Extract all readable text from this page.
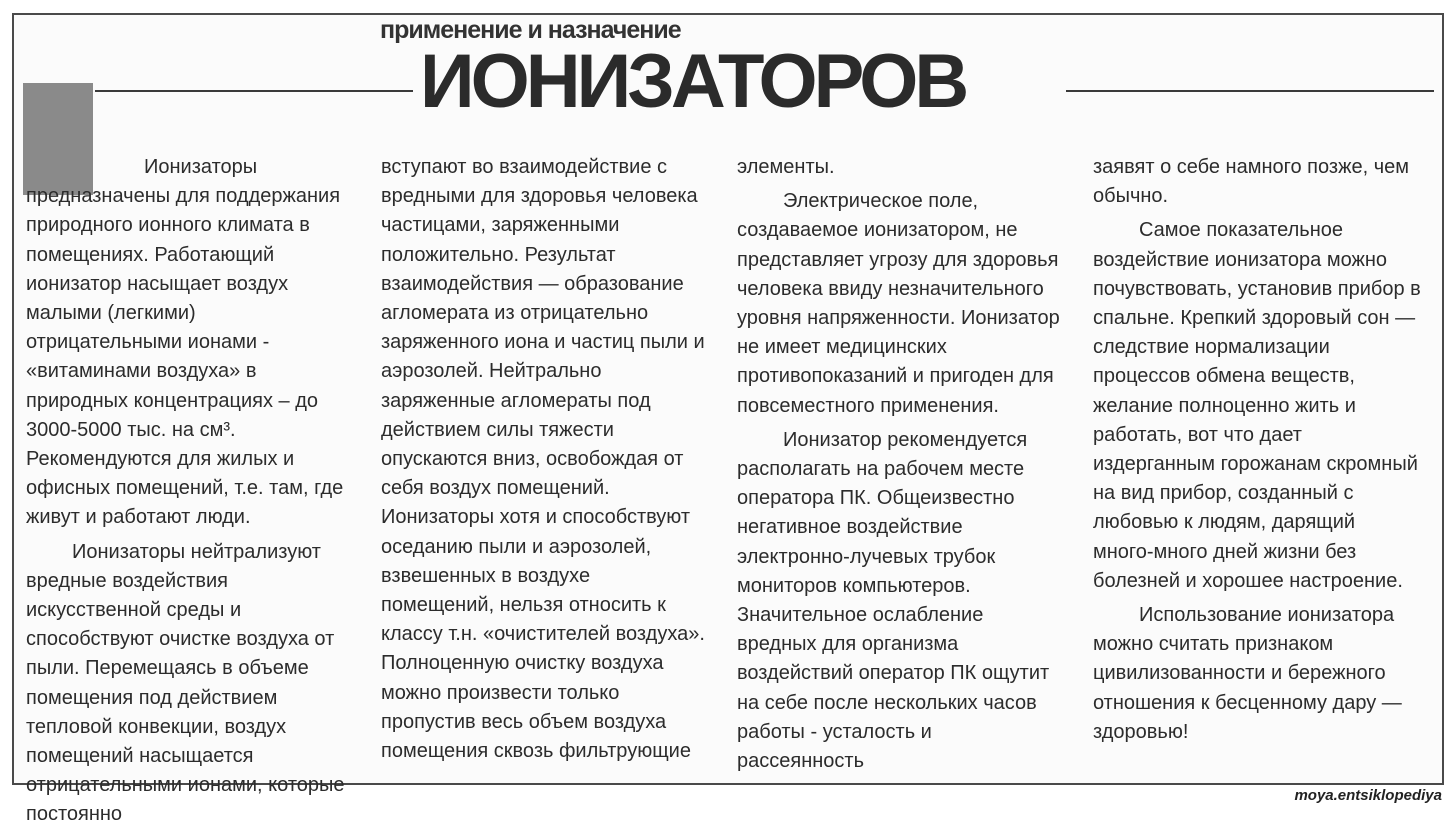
применение и назначение
ИОНИЗАТОРОВ

Ионизаторы предназначены для поддержания природного ионного климата в помещениях. Работающий ионизатор насыщает воздух малыми (легкими) отрицательными ионами - «витаминами воздуха» в природных концентрациях – до 3000-5000 тыс. на см³. Рекомендуются для жилых и офисных помещений, т.е. там, где живут и работают люди.

Ионизаторы нейтрализуют вредные воздействия искусственной среды и способствуют очистке воздуха от пыли. Перемещаясь в объеме помещения под действием тепловой конвекции, воздух помещений насыщается отрицательными ионами, которые постоянно

вступают во взаимодействие с вредными для здоровья человека частицами, заряженными положительно. Результат взаимодействия — образование агломерата из отрицательно заряженного иона и частиц пыли и аэрозолей. Нейтрально заряженные агломераты под действием силы тяжести опускаются вниз, освобождая от себя воздух помещений. Ионизаторы хотя и способствуют оседанию пыли и аэрозолей, взвешенных в воздухе помещений, нельзя относить к классу т.н. «очистителей воздуха». Полноценную очистку воздуха можно произвести только пропустив весь объем воздуха помещения сквозь фильтрующие

элементы.

Электрическое поле, создаваемое ионизатором, не представляет угрозу для здоровья человека ввиду незначительного уровня напряженности. Ионизатор не имеет медицинских противопоказаний и пригоден для повсеместного применения.

Ионизатор рекомендуется располагать на рабочем месте оператора ПК. Общеизвестно негативное воздействие электронно-лучевых трубок мониторов компьютеров. Значительное ослабление вредных для организма воздействий оператор ПК ощутит на себе после нескольких часов работы - усталость и рассеянность

заявят о себе намного позже, чем обычно.

Самое показательное воздействие ионизатора можно почувствовать, установив прибор в спальне. Крепкий здоровый сон — следствие нормализации процессов обмена веществ, желание полноценно жить и работать, вот что дает издерганным горожанам скромный на вид прибор, созданный с любовью к людям, дарящий много-много дней жизни без болезней и хорошее настроение.

Использование ионизатора можно считать признаком цивилизованности и бережного отношения к бесценному дару — здоровью!

moya.entsiklopediya
